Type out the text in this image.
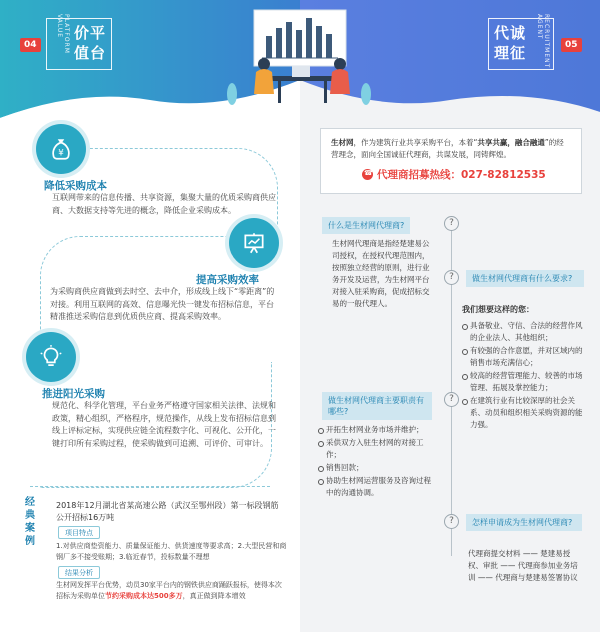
04
价平
值台
PLATFORM VALUE
05
代诚
理征	RECRUITMENT AGENT
¥
降低采购成本
互联网带来的信息传播、共享资源，集聚大量的优质采购商供应商、大数据支持等先进的概念，降低企业采购成本。
提高采购效率
为采购商供应商做到去时空、去中介，形成线上线下“零距离”的对接。利用互联网的高效、信息曝光快一键发布招标信息，平台精准推送采购信息到优质供应商、提高采购效率。
推进阳光采购
规范化、科学化管理，平台业务严格遵守国家相关法律、法规和政策，精心组织，严格程序，规范操作，从线上发布招标信息到线上评标定标，实现供应链全流程数字化、可视化、公开化，一键打印所有采购过程，使采购做到可追溯、可评价、可审计。
经典案例
2018年12月湖北省某高速公路（武汉至鄂州段）第一标段钢筋公开招标16万吨
项目特点
1.对供应商垫资能力、质量保证能力、供货速度等要求高；2.大型民营和商钢厂多不接受账期；3.临近春节，投标数量不理想
结果分析
生材网发挥平台优势，动员30家平台内的钢铁供应商踊跃报标，使得本次招标为采购单位节约采购成本达500多万，真正做到降本增效
生材网，作为建筑行业共享采购平台，本着“共享共赢，融合融通”的经营理念，面向全国诚征代理商，共谋发展，同铸辉煌。
☎
代理商招募热线：027-82812535
什么是生材网代理商?	?
生材网代理商是指经楚建易公司授权，在授权代理范围内，按照独立经营的原则，进行业务开发及运营，为生材网平台对接入驻采购商，促成招标交易的一般代理人。
?	做生材网代理商有什么要求?
我们想要这样的您：
具备敬业、守信、合法的经营作风的企业法人、其他组织；
有较强的合作意愿，并对区域内的销售市场充满信心；
较高的经营管理能力、较善的市场管理、拓展及掌控能力；
在建筑行业有比较深厚的社会关系、动员和组织相关采购资源的能力强。
做生材网代理商主要职责有哪些?
?
开拓生材网业务市场并维护；
采供双方入驻生材网的对接工作；
销售回款；
协助生材网运营服务及咨询过程中的沟通协调。
?	怎样申请成为生材网代理商?
代理商提交材料 —— 楚建易授权、审批 —— 代理商参加业务培训 —— 代理商与楚建易签署协议
